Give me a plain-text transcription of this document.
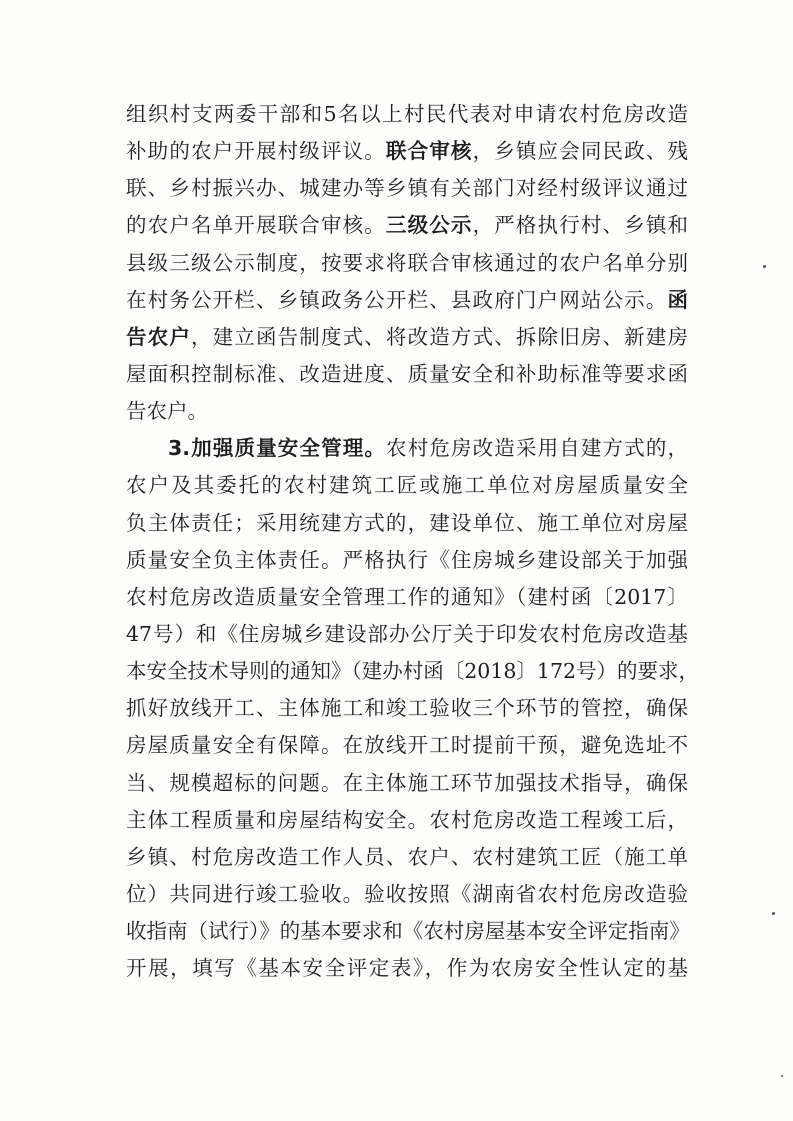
组织村支两委干部和5名以上村民代表对申请农村危房改造
补助的农户开展村级评议。联合审核，乡镇应会同民政、残
联、乡村振兴办、城建办等乡镇有关部门对经村级评议通过
的农户名单开展联合审核。三级公示，严格执行村、乡镇和
县级三级公示制度，按要求将联合审核通过的农户名单分别
在村务公开栏、乡镇政务公开栏、县政府门户网站公示。函
告农户，建立函告制度式、将改造方式、拆除旧房、新建房
屋面积控制标准、改造进度、质量安全和补助标准等要求函
告农户。
3.加强质量安全管理。农村危房改造采用自建方式的，
农户及其委托的农村建筑工匠或施工单位对房屋质量安全
负主体责任；采用统建方式的，建设单位、施工单位对房屋
质量安全负主体责任。严格执行《住房城乡建设部关于加强
农村危房改造质量安全管理工作的通知》（建村函〔2017〕
47号）和《住房城乡建设部办公厅关于印发农村危房改造基
本安全技术导则的通知》（建办村函〔2018〕172号）的要求，
抓好放线开工、主体施工和竣工验收三个环节的管控，确保
房屋质量安全有保障。在放线开工时提前干预，避免选址不
当、规模超标的问题。在主体施工环节加强技术指导，确保
主体工程质量和房屋结构安全。农村危房改造工程竣工后，
乡镇、村危房改造工作人员、农户、农村建筑工匠（施工单
位）共同进行竣工验收。验收按照《湖南省农村危房改造验
收指南（试行）》的基本要求和《农村房屋基本安全评定指南》
开展，填写《基本安全评定表》，作为农房安全性认定的基
